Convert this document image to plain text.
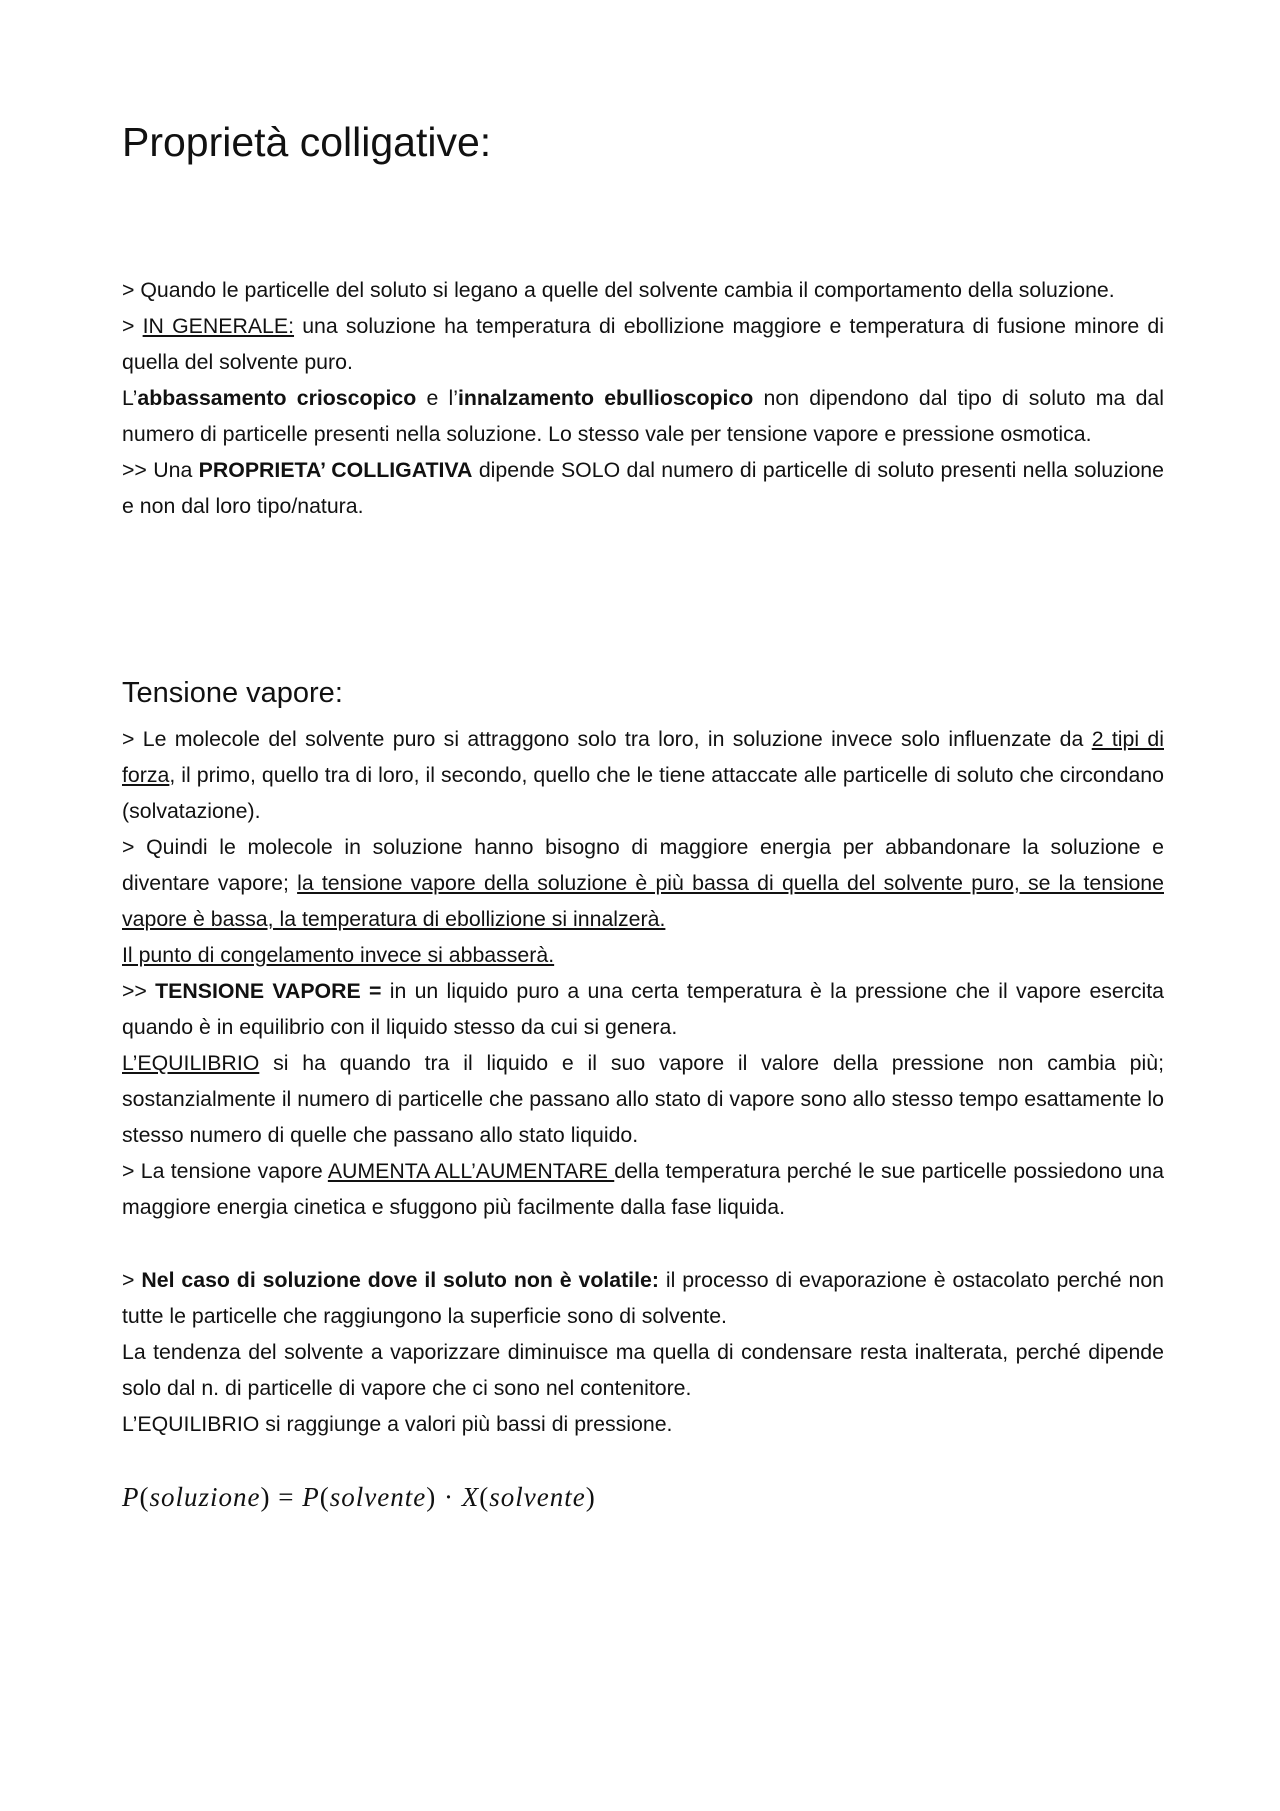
Proprietà colligative:

> Quando le particelle del soluto si legano a quelle del solvente cambia il comportamento della soluzione.

> IN GENERALE: una soluzione ha temperatura di ebollizione maggiore e temperatura di fusione minore di quella del solvente puro.

L’abbassamento crioscopico e l’innalzamento ebullioscopico non dipendono dal tipo di soluto ma dal numero di particelle presenti nella soluzione. Lo stesso vale per tensione vapore e pressione osmotica.

>> Una PROPRIETA’ COLLIGATIVA dipende SOLO dal numero di particelle di soluto presenti nella soluzione e non dal loro tipo/natura.

Tensione vapore:

> Le molecole del solvente puro si attraggono solo tra loro, in soluzione invece solo influenzate da 2 tipi di forza, il primo, quello tra di loro, il secondo, quello che le tiene attaccate alle particelle di soluto che circondano (solvatazione).

> Quindi le molecole in soluzione hanno bisogno di maggiore energia per abbandonare la soluzione e diventare vapore; la tensione vapore della soluzione è più bassa di quella del solvente puro, se la tensione vapore è bassa, la temperatura di ebollizione si innalzerà.

Il punto di congelamento invece si abbasserà.

>> TENSIONE VAPORE = in un liquido puro a una certa temperatura è la pressione che il vapore esercita quando è in equilibrio con il liquido stesso da cui si genera.

L’EQUILIBRIO si ha quando tra il liquido e il suo vapore il valore della pressione non cambia più; sostanzialmente il numero di particelle che passano allo stato di vapore sono allo stesso tempo esattamente lo stesso numero di quelle che passano allo stato liquido.

> La tensione vapore AUMENTA ALL’AUMENTARE della temperatura perché le sue particelle possiedono una maggiore energia cinetica e sfuggono più facilmente dalla fase liquida.

> Nel caso di soluzione dove il soluto non è volatile: il processo di evaporazione è ostacolato perché non tutte le particelle che raggiungono la superficie sono di solvente.

La tendenza del solvente a vaporizzare diminuisce ma quella di condensare resta inalterata, perché dipende solo dal n. di particelle di vapore che ci sono nel contenitore.

L’EQUILIBRIO si raggiunge a valori più bassi di pressione.

P(soluzione) = P(solvente) · X(solvente)
